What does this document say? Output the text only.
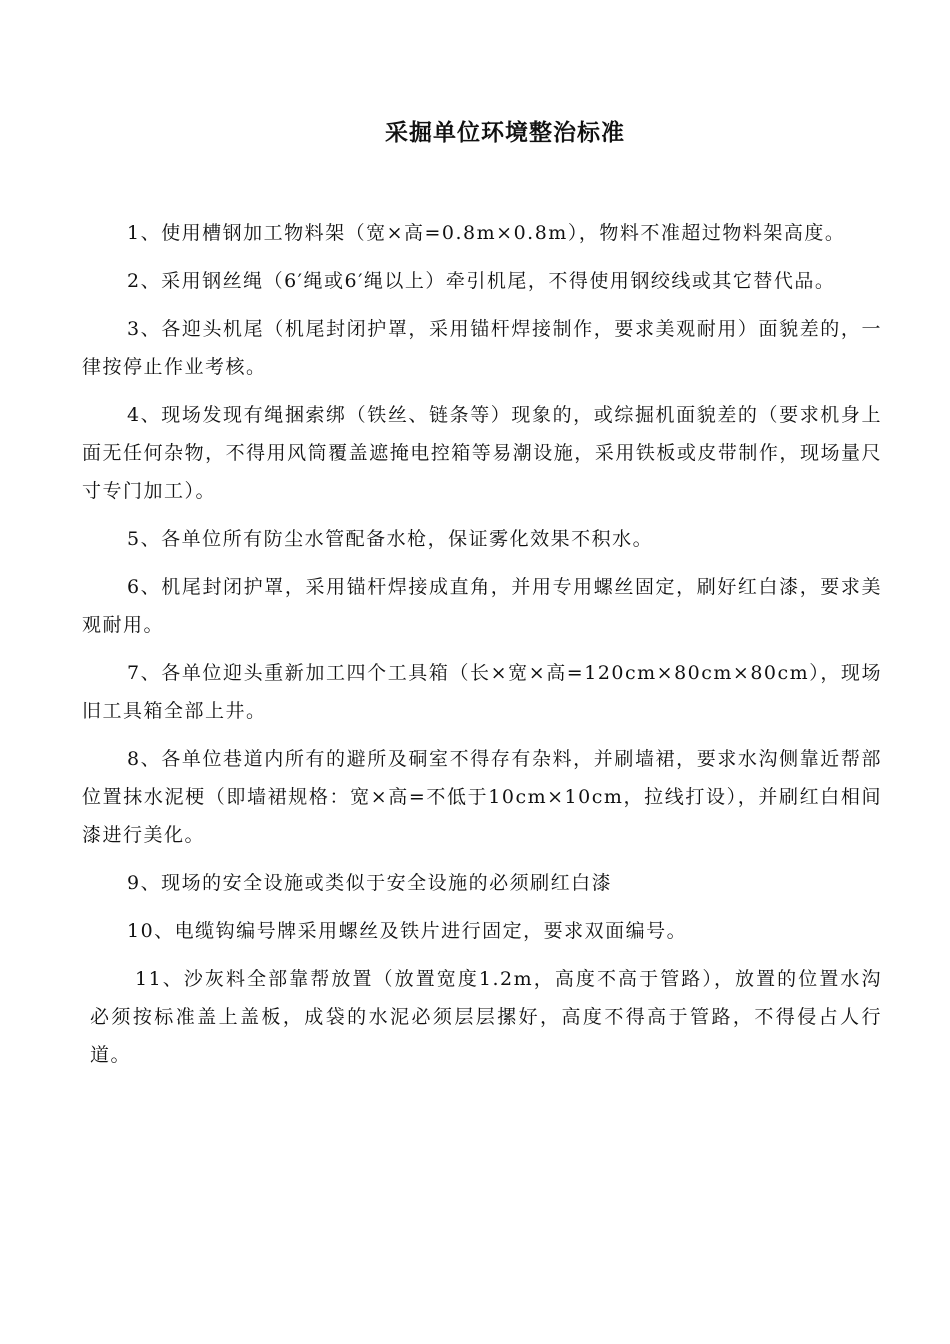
采掘单位环境整治标准

1、使用槽钢加工物料架（宽×高=0.8m×0.8m），物料不准超过物料架高度。

2、采用钢丝绳（6′绳或6′绳以上）牵引机尾，不得使用钢绞线或其它替代品。

3、各迎头机尾（机尾封闭护罩，采用锚杆焊接制作，要求美观耐用）面貌差的，一律按停止作业考核。

4、现场发现有绳捆索绑（铁丝、链条等）现象的，或综掘机面貌差的（要求机身上面无任何杂物，不得用风筒覆盖遮掩电控箱等易潮设施，采用铁板或皮带制作，现场量尺寸专门加工）。

5、各单位所有防尘水管配备水枪，保证雾化效果不积水。

6、机尾封闭护罩，采用锚杆焊接成直角，并用专用螺丝固定，刷好红白漆，要求美观耐用。

7、各单位迎头重新加工四个工具箱（长×宽×高=120cm×80cm×80cm），现场旧工具箱全部上井。

8、各单位巷道内所有的避所及硐室不得存有杂料，并刷墙裙，要求水沟侧靠近帮部位置抹水泥梗（即墙裙规格：宽×高=不低于10cm×10cm，拉线打设），并刷红白相间漆进行美化。

9、现场的安全设施或类似于安全设施的必须刷红白漆

10、电缆钩编号牌采用螺丝及铁片进行固定，要求双面编号。

11、沙灰料全部靠帮放置（放置宽度1.2m，高度不高于管路），放置的位置水沟必须按标准盖上盖板，成袋的水泥必须层层摞好，高度不得高于管路，不得侵占人行道。
